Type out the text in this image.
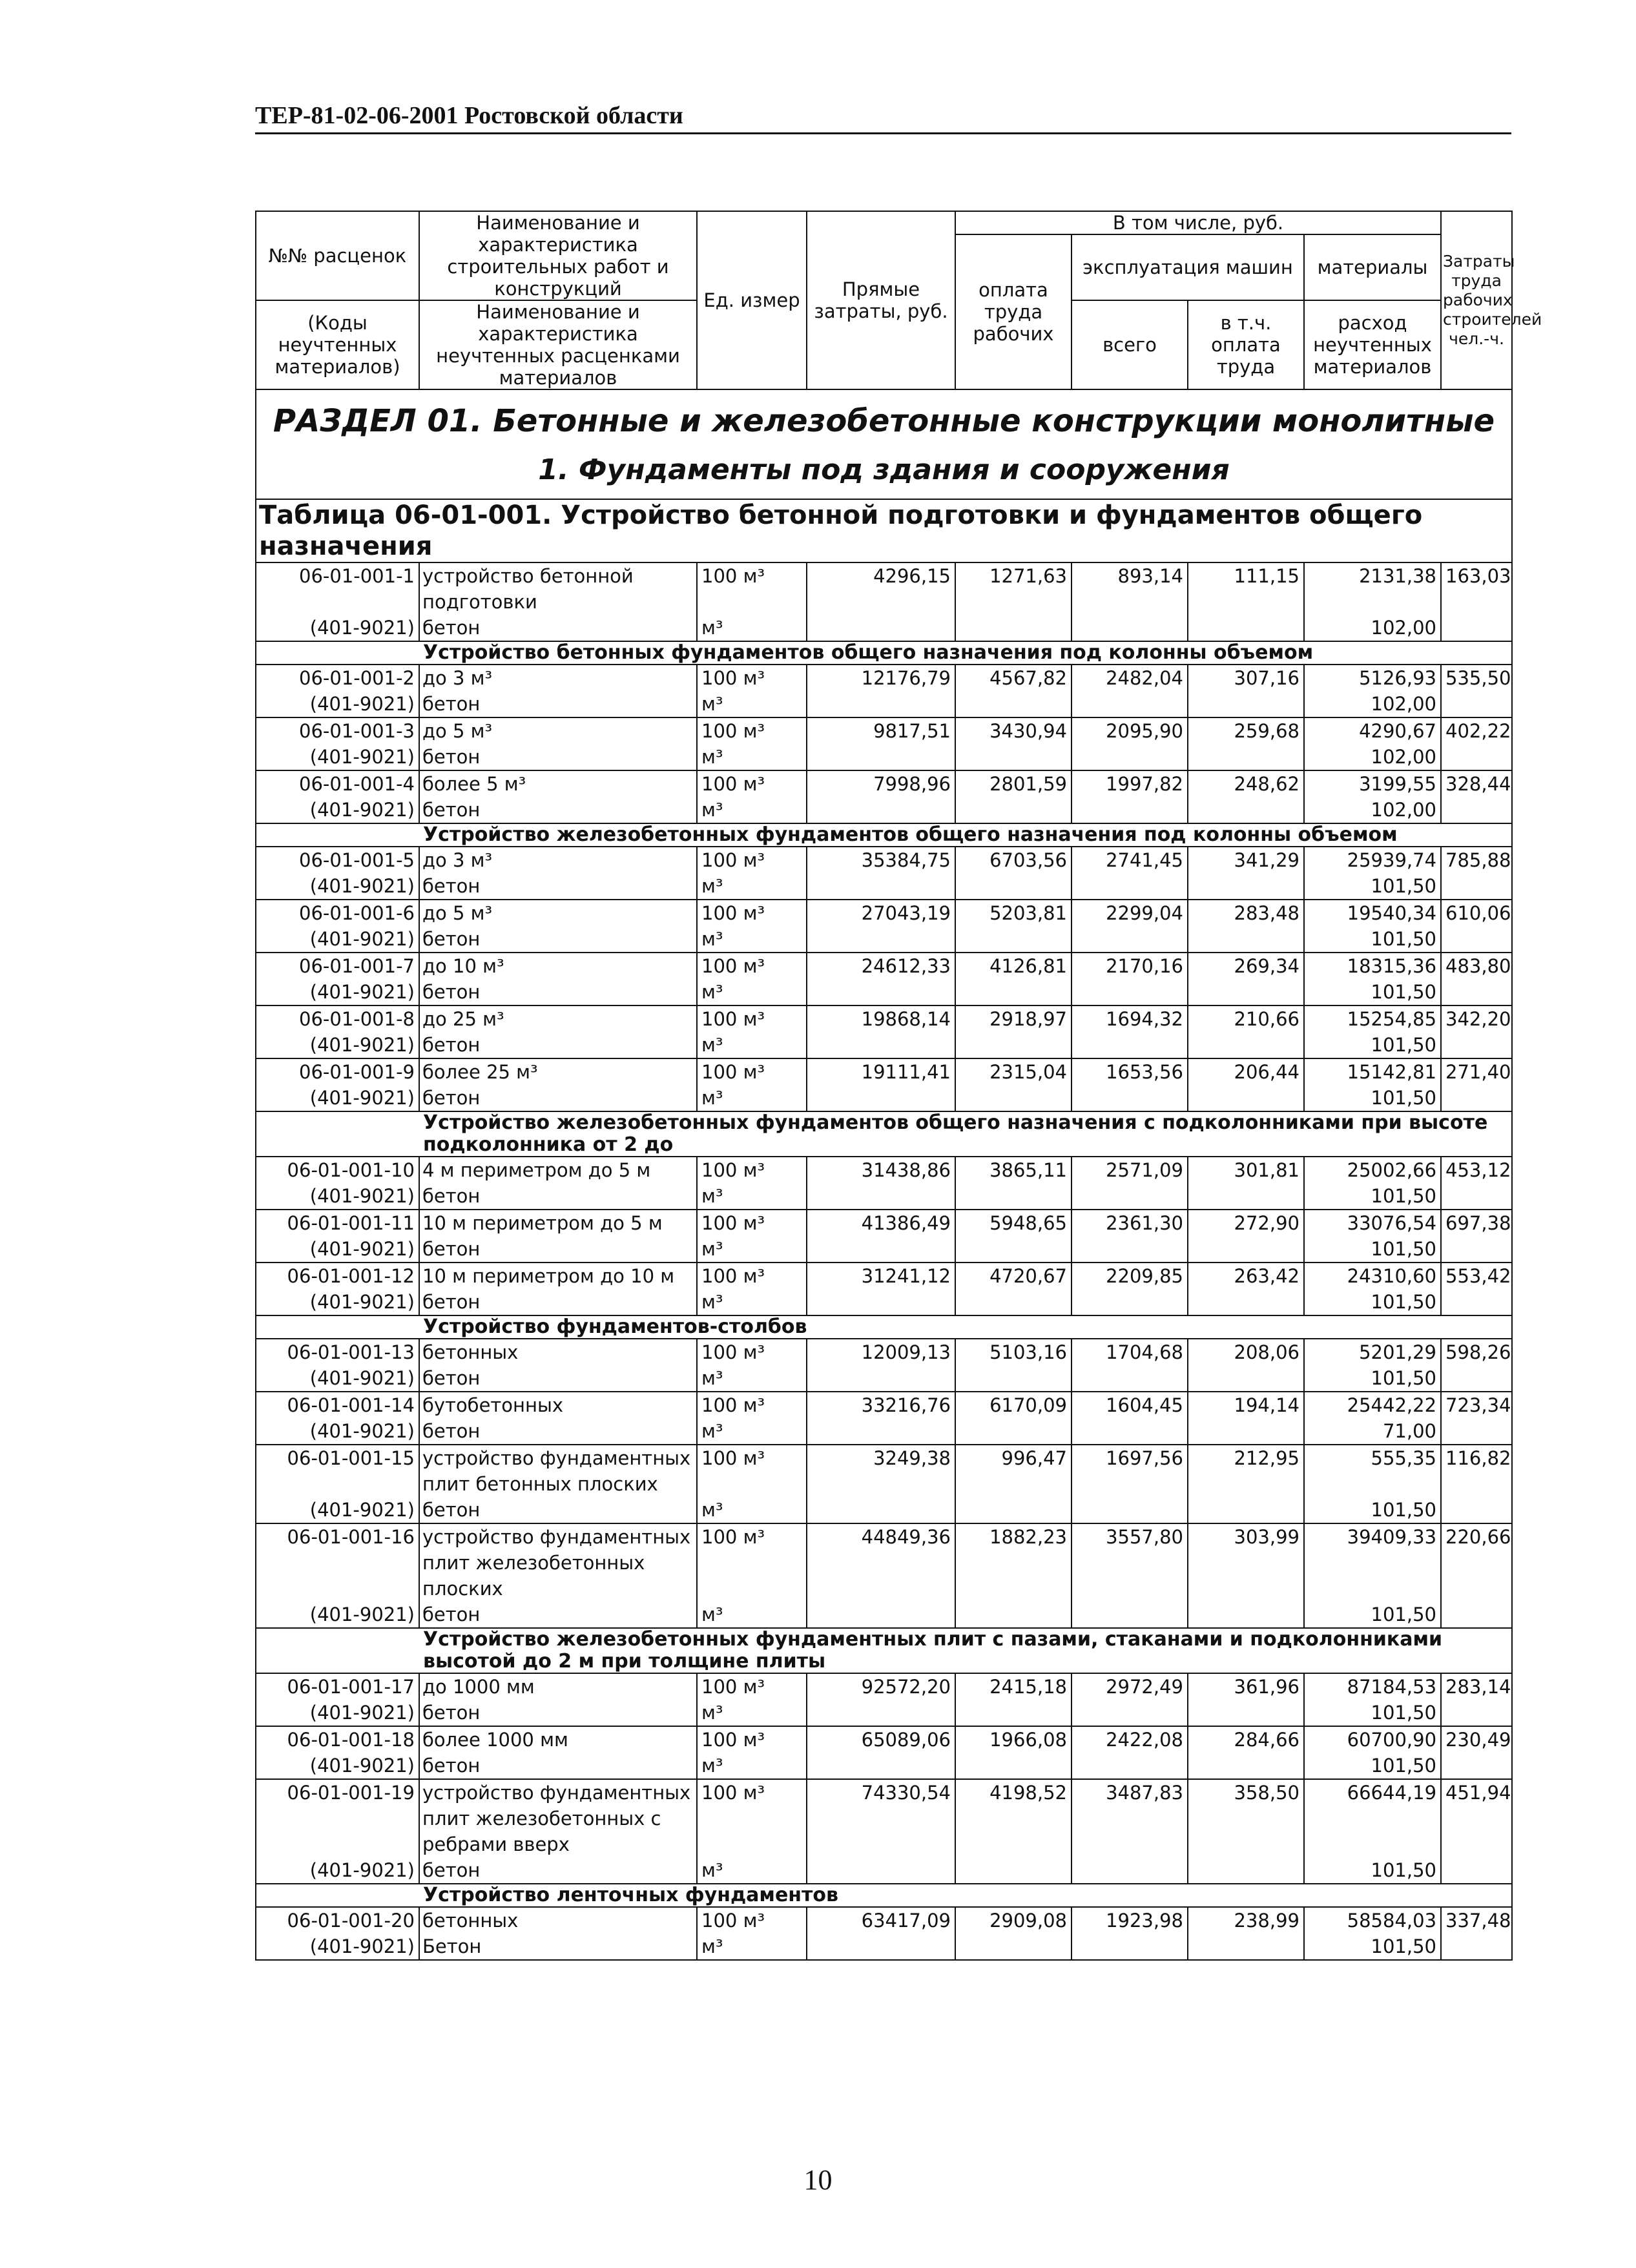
ТЕР-81-02-06-2001 Ростовской области
№№ расценок	Наименование и характеристика строительных работ и конструкций	Ед. измер	Прямые затраты, руб.	В том числе, руб.				Затраты труда рабочих строителей чел.-ч.
				оплата труда рабочих	эксплуатация машин		материалы	
(Коды неучтенных материалов)	Наименование и характеристика неучтенных расценками материалов				всего	в т.ч. оплата труда	расход неучтенных материалов	

РАЗДЕЛ 01. Бетонные и железобетонные конструкции монолитные								
1. Фундаменты под здания и сооружения								
Таблица 06-01-001. Устройство бетонной подготовки и фундаментов общего назначения								
06-01-001-1	устройство бетонной подготовки	100 м³	4296,15	1271,63	893,14	111,15	2131,38	163,03
(401-9021)	бетон	м³					102,00	
Устройство бетонных фундаментов общего назначения под колонны объемом								
06-01-001-2	до 3 м³	100 м³	12176,79	4567,82	2482,04	307,16	5126,93	535,50
(401-9021)	бетон	м³					102,00	
06-01-001-3	до 5 м³	100 м³	9817,51	3430,94	2095,90	259,68	4290,67	402,22
(401-9021)	бетон	м³					102,00	
06-01-001-4	более 5 м³	100 м³	7998,96	2801,59	1997,82	248,62	3199,55	328,44
(401-9021)	бетон	м³					102,00	
Устройство железобетонных фундаментов общего назначения под колонны объемом								
06-01-001-5	до 3 м³	100 м³	35384,75	6703,56	2741,45	341,29	25939,74	785,88
(401-9021)	бетон	м³					101,50	
06-01-001-6	до 5 м³	100 м³	27043,19	5203,81	2299,04	283,48	19540,34	610,06
(401-9021)	бетон	м³					101,50	
06-01-001-7	до 10 м³	100 м³	24612,33	4126,81	2170,16	269,34	18315,36	483,80
(401-9021)	бетон	м³					101,50	
06-01-001-8	до 25 м³	100 м³	19868,14	2918,97	1694,32	210,66	15254,85	342,20
(401-9021)	бетон	м³					101,50	
06-01-001-9	более 25 м³	100 м³	19111,41	2315,04	1653,56	206,44	15142,81	271,40
(401-9021)	бетон	м³					101,50	
Устройство железобетонных фундаментов общего назначения с подколонниками при высоте подколонника от 2 до								
06-01-001-10	4 м периметром до 5 м	100 м³	31438,86	3865,11	2571,09	301,81	25002,66	453,12
(401-9021)	бетон	м³					101,50	
06-01-001-11	10 м периметром до 5 м	100 м³	41386,49	5948,65	2361,30	272,90	33076,54	697,38
(401-9021)	бетон	м³					101,50	
06-01-001-12	10 м периметром до 10 м	100 м³	31241,12	4720,67	2209,85	263,42	24310,60	553,42
(401-9021)	бетон	м³					101,50	
Устройство фундаментов-столбов								
06-01-001-13	бетонных	100 м³	12009,13	5103,16	1704,68	208,06	5201,29	598,26
(401-9021)	бетон	м³					101,50	
06-01-001-14	бутобетонных	100 м³	33216,76	6170,09	1604,45	194,14	25442,22	723,34
(401-9021)	бетон	м³					71,00	
06-01-001-15	устройство фундаментных плит бетонных плоских	100 м³	3249,38	996,47	1697,56	212,95	555,35	116,82
(401-9021)	бетон	м³					101,50	
06-01-001-16	устройство фундаментных плит железобетонных плоских	100 м³	44849,36	1882,23	3557,80	303,99	39409,33	220,66
(401-9021)	бетон	м³					101,50	
Устройство железобетонных фундаментных плит с пазами, стаканами и подколонниками высотой до 2 м при толщине плиты								
06-01-001-17	до 1000 мм	100 м³	92572,20	2415,18	2972,49	361,96	87184,53	283,14
(401-9021)	бетон	м³					101,50	
06-01-001-18	более 1000 мм	100 м³	65089,06	1966,08	2422,08	284,66	60700,90	230,49
(401-9021)	бетон	м³					101,50	
06-01-001-19	устройство фундаментных плит железобетонных с ребрами вверх	100 м³	74330,54	4198,52	3487,83	358,50	66644,19	451,94
(401-9021)	бетон	м³					101,50	
Устройство ленточных фундаментов								
06-01-001-20	бетонных	100 м³	63417,09	2909,08	1923,98	238,99	58584,03	337,48
(401-9021)	Бетон	м³					101,50	
10
